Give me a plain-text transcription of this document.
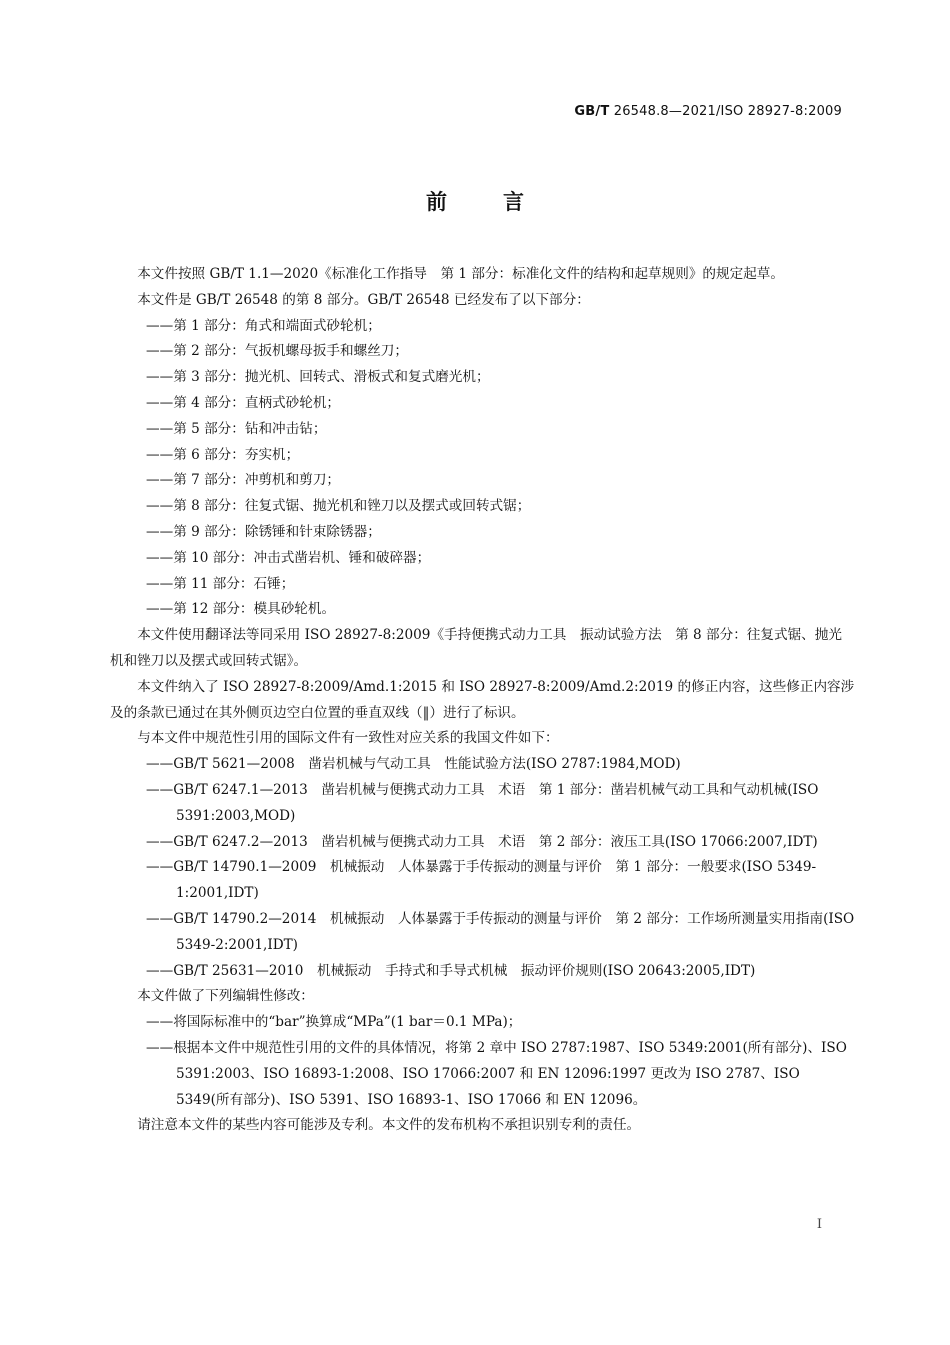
GB/T 26548.8—2021/ISO 28927-8:2009
前言

本文件按照 GB/T 1.1—2020《标准化工作指导　第 1 部分：标准化文件的结构和起草规则》的规定起草。

本文件是 GB/T 26548 的第 8 部分。GB/T 26548 已经发布了以下部分：

——第 1 部分：角式和端面式砂轮机；

——第 2 部分：气扳机螺母扳手和螺丝刀；

——第 3 部分：抛光机、回转式、滑板式和复式磨光机；

——第 4 部分：直柄式砂轮机；

——第 5 部分：钻和冲击钻；

——第 6 部分：夯实机；

——第 7 部分：冲剪机和剪刀；

——第 8 部分：往复式锯、抛光机和锉刀以及摆式或回转式锯；

——第 9 部分：除锈锤和针束除锈器；

——第 10 部分：冲击式凿岩机、锤和破碎器；

——第 11 部分：石锤；

——第 12 部分：模具砂轮机。

本文件使用翻译法等同采用 ISO 28927-8:2009《手持便携式动力工具　振动试验方法　第 8 部分：往复式锯、抛光机和锉刀以及摆式或回转式锯》。

本文件纳入了 ISO 28927-8:2009/Amd.1:2015 和 ISO 28927-8:2009/Amd.2:2019 的修正内容，这些修正内容涉及的条款已通过在其外侧页边空白位置的垂直双线（‖）进行了标识。

与本文件中规范性引用的国际文件有一致性对应关系的我国文件如下：

——GB/T 5621—2008　凿岩机械与气动工具　性能试验方法(ISO 2787:1984,MOD)

——GB/T 6247.1—2013　凿岩机械与便携式动力工具　术语　第 1 部分：凿岩机械气动工具和气动机械(ISO 5391:2003,MOD)

——GB/T 6247.2—2013　凿岩机械与便携式动力工具　术语　第 2 部分：液压工具(ISO 17066:2007,IDT)

——GB/T 14790.1—2009　机械振动　人体暴露于手传振动的测量与评价　第 1 部分：一般要求(ISO 5349-1:2001,IDT)

——GB/T 14790.2—2014　机械振动　人体暴露于手传振动的测量与评价　第 2 部分：工作场所测量实用指南(ISO 5349-2:2001,IDT)

——GB/T 25631—2010　机械振动　手持式和手导式机械　振动评价规则(ISO 20643:2005,IDT)

本文件做了下列编辑性修改：

——将国际标准中的“bar”换算成“MPa”(1 bar＝0.1 MPa)；

——根据本文件中规范性引用的文件的具体情况，将第 2 章中 ISO 2787:1987、ISO 5349:2001(所有部分)、ISO 5391:2003、ISO 16893-1:2008、ISO 17066:2007 和 EN 12096:1997 更改为 ISO 2787、ISO 5349(所有部分)、ISO 5391、ISO 16893-1、ISO 17066 和 EN 12096。

请注意本文件的某些内容可能涉及专利。本文件的发布机构不承担识别专利的责任。

I
